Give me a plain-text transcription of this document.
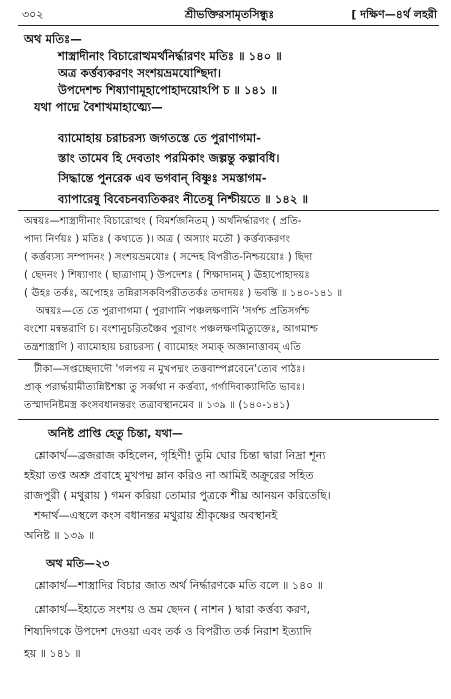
৩০২	শ্রীভক্তিরসামৃতসিন্ধুঃ	[ দক্ষিণ—৪র্থ লহরী
অথ মতিঃ—
শাস্ত্রাদীনাং বিচারোত্থমর্থনির্দ্ধারণং মতিঃ ॥ ১৪০ ॥
অত্র কর্ত্তব্যকরণং সংশয়ভ্রমযোশ্ছিদা।
উপদেশশ্চ শিষ্যাণামূহাপোহাদয়োঽপি চ ॥ ১৪১ ॥
যথা পাদ্মে বৈশাখমাহাত্ম্যে—
ব্যামোহায় চরাচরস্য জগতস্তে তে পুরাণাগমা-
স্তাং তামেব হি দেবতাং পরমিকাং জল্পন্তু কল্পাবধি।
সিদ্ধান্তে পুনরেক এব ভগবান্ বিষ্ণুঃ সমস্তাগম-
ব্যাপারেষু বিবেচনব্যতিকরং নীতেষু নিশ্চীয়তে ॥ ১৪২ ॥
অন্বয়ঃ—শাস্ত্রাদীনাং বিচারোত্থং ( বিমর্শজনিতম্ ) অর্থনির্দ্ধারণং ( প্রতি-
পাদ্য নির্ণয়ঃ ) মতিঃ ( কথ্যতে )। অত্র ( অস্যাং মতৌ ) কর্ত্তব্যকরণং
( কর্ত্তব্যস্য সম্পাদনং ) সংশয়ভ্রমযোঃ ( সন্দেহ বিপরীত-নিশ্চয়য়োঃ ) ছিদা
( ছেদনং ) শিষ্যাণাং ( ছাত্রাণাম্ ) উপদেশঃ ( শিক্ষাদানম্ ) ঊহাপোহাদয়ঃ
( ঊহঃ তর্কঃ, অপোহঃ তন্নিরাসকবিপরীততর্কঃ তদাদয়ঃ ) ভবন্তি ॥ ১৪০-১৪১ ॥
অন্বয়ঃ—তে তে পুরাণাগমা ( পুরাণানি পঞ্চলক্ষণানি 'সর্গশ্চ প্রতিসর্গশ্চ
বংশো মন্বন্তরাণি চ। বংশানুচরিতঞ্চৈব পুরাণং পঞ্চলক্ষণমিত্যুক্তেঃ, আগমাশ্চ
তন্ত্রশাস্ত্রাণি ) ব্যামোহায় চরাচরস্য ( ব্যামোহং সম্যক্ অজ্ঞানাত্তাবম্ এতি
টীকা—সপ্তচ্ছেদাদৌ 'গলপয় ন মুখপদ্মং তত্তবাম্পপ্লবেনে'ত্যেব পাঠঃ।
প্রাক্ পরার্দ্ধয়ামীত্যন্নিষ্টশঙ্কা তু সর্ব্বথা ন কর্ত্তব্যা, গর্গাদিবাক্যাদিতি ভাবঃ।
তস্মাদনিষ্টমস্ত্র কংসবধানন্তরং তত্রাবস্থানমেব ॥ ১৩৯ ॥ (১৪০-১৪১)
অনিষ্ট প্রাপ্তি হেতু চিন্তা, যথা—
শ্লোকার্থ—ব্রজরাজ কহিলেন, গৃহিণী! তুমি ঘোর চিন্তা দ্বারা নিদ্রা শূন্য
হইয়া তপ্ত অশ্রু প্রবাহে মুখপদ্ম ম্লান করিও না আমিই অক্রূরের সহিত
রাজপুরী ( মথুরায় ) গমন করিয়া তোমার পুত্রকে শীঘ্র আনয়ন করিতেছি।
শব্দার্থ—এস্থলে কংস বধানন্তর মথুরায় শ্রীকৃষ্ণের অবস্থানই
অনিষ্ট ॥ ১৩৯ ॥
অথ মতি—২৩
শ্লোকার্থ—শাস্ত্রাদির বিচার জাত অর্থ নির্দ্ধারণকে মতি বলে ॥ ১৪০ ॥
শ্লোকার্থ—ইহাতে সংশয় ও ভ্রম ছেদন ( নাশন ) দ্বারা কর্ত্তব্য করণ,
শিষ্যদিগকে উপদেশ দেওয়া এবং তর্ক ও বিপরীত তর্ক নিরাশ ইত্যাদি
হয় ॥ ১৪১ ॥
